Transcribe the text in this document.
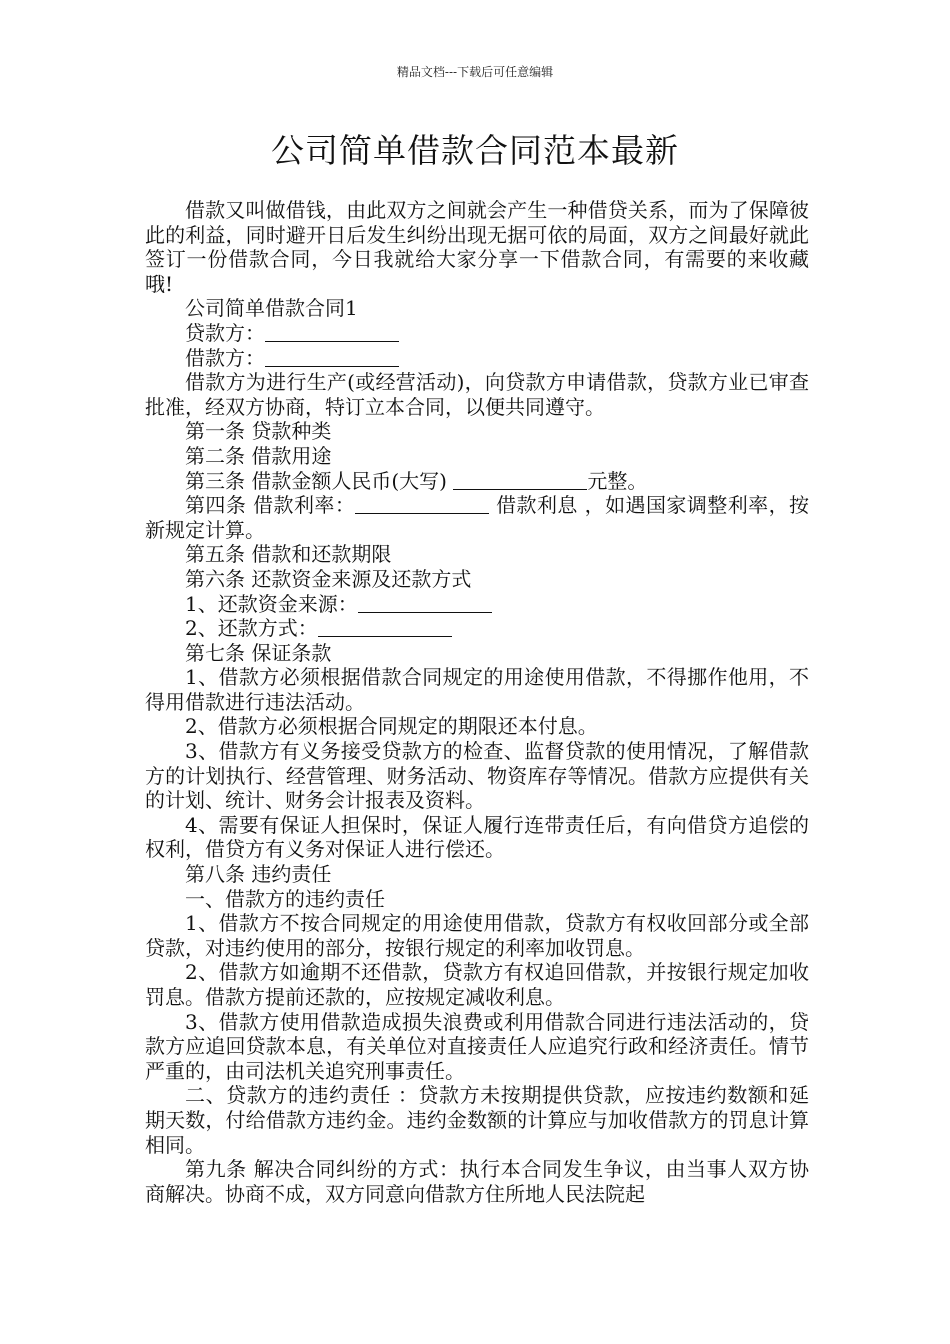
精品文档---下载后可任意编辑
公司简单借款合同范本最新

借款又叫做借钱，由此双方之间就会产生一种借贷关系，而为了保障彼此的利益，同时避开日后发生纠纷出现无据可依的局面，双方之间最好就此签订一份借款合同，今日我就给大家分享一下借款合同，有需要的来收藏哦!

公司简单借款合同1

贷款方：

借款方：

借款方为进行生产(或经营活动)，向贷款方申请借款，贷款方业已审查批准，经双方协商，特订立本合同，以便共同遵守。

第一条 贷款种类

第二条 借款用途

第三条 借款金额人民币(大写)	元整。

第四条 借款利率：	借款利息 ，如遇国家调整利率，按新规定计算。

第五条 借款和还款期限

第六条 还款资金来源及还款方式

1、还款资金来源：

2、还款方式：

第七条 保证条款

1、借款方必须根据借款合同规定的用途使用借款，不得挪作他用，不得用借款进行违法活动。

2、借款方必须根据合同规定的期限还本付息。

3、借款方有义务接受贷款方的检查、监督贷款的使用情况，了解借款方的计划执行、经营管理、财务活动、物资库存等情况。借款方应提供有关的计划、统计、财务会计报表及资料。

4、需要有保证人担保时，保证人履行连带责任后，有向借贷方追偿的权利，借贷方有义务对保证人进行偿还。

第八条 违约责任

一、借款方的违约责任

1、借款方不按合同规定的用途使用借款，贷款方有权收回部分或全部贷款，对违约使用的部分，按银行规定的利率加收罚息。

2、借款方如逾期不还借款，贷款方有权追回借款，并按银行规定加收罚息。借款方提前还款的，应按规定减收利息。

3、借款方使用借款造成损失浪费或利用借款合同进行违法活动的，贷款方应追回贷款本息，有关单位对直接责任人应追究行政和经济责任。情节严重的，由司法机关追究刑事责任。

二、贷款方的违约责任 ：贷款方未按期提供贷款，应按违约数额和延期天数，付给借款方违约金。违约金数额的计算应与加收借款方的罚息计算相同。

第九条 解决合同纠纷的方式：执行本合同发生争议，由当事人双方协商解决。协商不成，双方同意向借款方住所地人民法院起
